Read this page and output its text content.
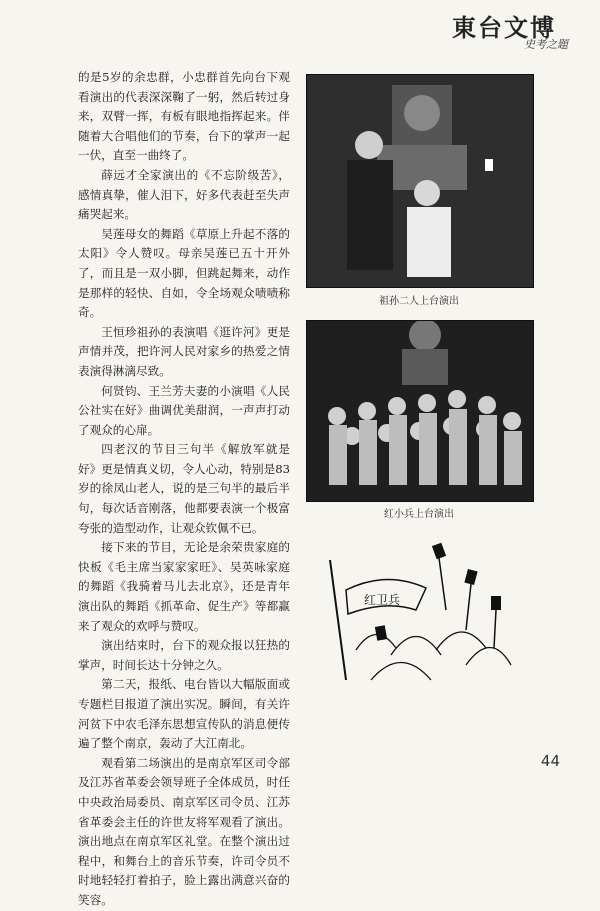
東台文博
史考之題

的是5岁的余忠群，小忠群首先向台下观看演出的代表深深鞠了一躬，然后转过身来，双臂一挥，有板有眼地指挥起来。伴随着大合唱他们的节奏，台下的掌声一起一伏，直至一曲终了。

薛远才全家演出的《不忘阶级苦》，感情真挚，催人泪下，好多代表赶至失声痛哭起来。

吴莲母女的舞蹈《草原上升起不落的太阳》令人赞叹。母亲吴莲已五十开外了，而且是一双小脚，但跳起舞来，动作是那样的轻快、自如，令全场观众啧啧称奇。

王恒珍祖孙的表演唱《逛许河》更是声情并茂，把许河人民对家乡的热爱之情表演得淋漓尽致。

何贤钧、王兰芳夫妻的小演唱《人民公社实在好》曲调优美甜润，一声声打动了观众的心扉。

四老汉的节目三句半《解放军就是好》更是情真义切，令人心动，特别是83岁的徐凤山老人，说的是三句半的最后半句，每次话音刚落，他都要表演一个极富夸张的造型动作，让观众钦佩不已。

接下来的节目，无论是余荣贵家庭的快板《毛主席当家家家旺》、吴英咏家庭的舞蹈《我骑着马儿去北京》，还是青年演出队的舞蹈《抓革命、促生产》等都赢来了观众的欢呼与赞叹。

演出结束时，台下的观众报以狂热的掌声，时间长达十分钟之久。

第二天，报纸、电台皆以大幅版面或专题栏目报道了演出实况。瞬间，有关许河贫下中农毛泽东思想宣传队的消息便传遍了整个南京，轰动了大江南北。

观看第二场演出的是南京军区司令部及江苏省革委会领导班子全体成员，时任中央政治局委员、南京军区司令员、江苏省革委会主任的许世友将军观看了演出。演出地点在南京军区礼堂。在整个演出过程中，和舞台上的音乐节奏，许司令员不时地轻轻打着拍子，脸上露出满意兴奋的笑容。

祖孙二人上台演出
红小兵上台演出
红卫兵
44
